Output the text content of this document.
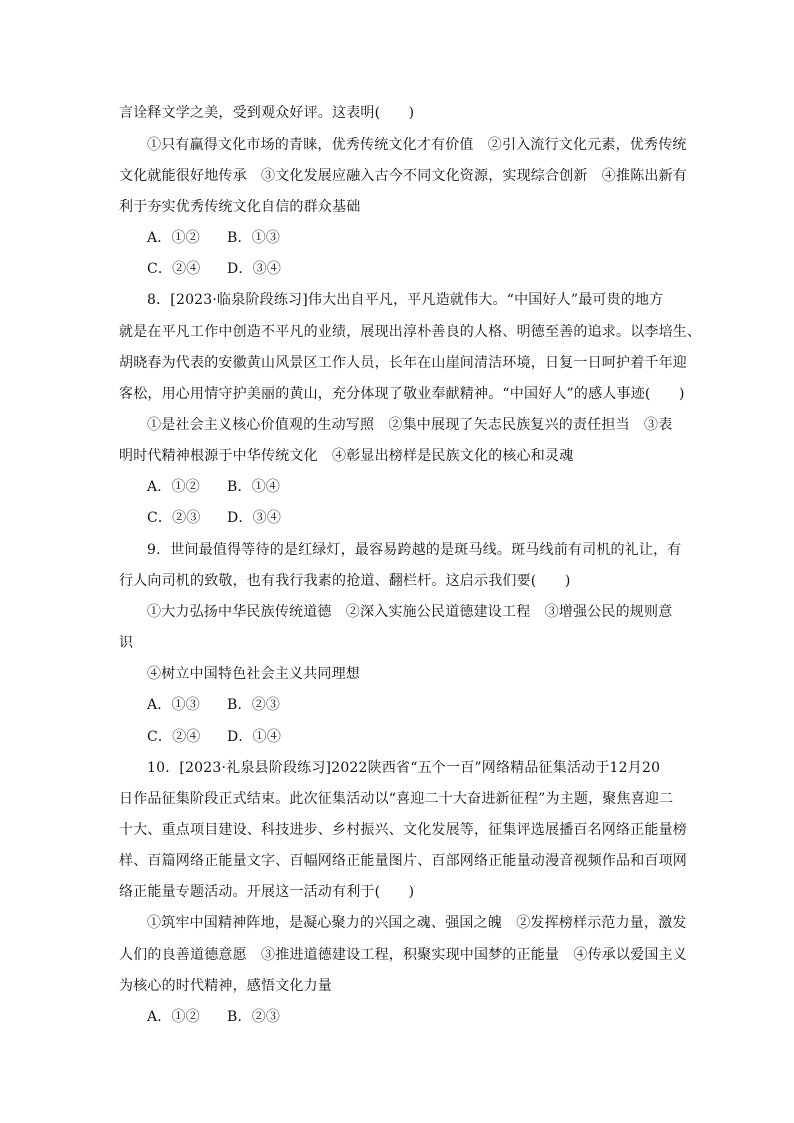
言诠释文学之美，受到观众好评。这表明(　　)
①只有赢得文化市场的青睐，优秀传统文化才有价值　②引入流行文化元素，优秀传统
文化就能很好地传承　③文化发展应融入古今不同文化资源，实现综合创新　④推陈出新有
利于夯实优秀传统文化自信的群众基础
A．①② B．①③
C．②④ D．③④
8．[2023·临泉阶段练习]伟大出自平凡，平凡造就伟大。“中国好人”最可贵的地方
就是在平凡工作中创造不平凡的业绩，展现出淳朴善良的人格、明德至善的追求。以李培生、
胡晓春为代表的安徽黄山风景区工作人员，长年在山崖间清洁环境，日复一日呵护着千年迎
客松，用心用情守护美丽的黄山，充分体现了敬业奉献精神。“中国好人”的感人事迹(　　)
①是社会主义核心价值观的生动写照　②集中展现了矢志民族复兴的责任担当　③表
明时代精神根源于中华传统文化　④彰显出榜样是民族文化的核心和灵魂
A．①② B．①④
C．②③ D．③④
9．世间最值得等待的是红绿灯，最容易跨越的是斑马线。斑马线前有司机的礼让，有
行人向司机的致敬，也有我行我素的抢道、翻栏杆。这启示我们要(　　)
①大力弘扬中华民族传统道德　②深入实施公民道德建设工程　③增强公民的规则意
识
④树立中国特色社会主义共同理想
A．①③ B．②③
C．②④ D．①④
10．[2023·礼泉县阶段练习]2022陕西省“五个一百”网络精品征集活动于12月20
日作品征集阶段正式结束。此次征集活动以“喜迎二十大奋进新征程”为主题，聚焦喜迎二
十大、重点项目建设、科技进步、乡村振兴、文化发展等，征集评选展播百名网络正能量榜
样、百篇网络正能量文字、百幅网络正能量图片、百部网络正能量动漫音视频作品和百项网
络正能量专题活动。开展这一活动有利于(　　)
①筑牢中国精神阵地，是凝心聚力的兴国之魂、强国之魄　②发挥榜样示范力量，激发
人们的良善道德意愿　③推进道德建设工程，积聚实现中国梦的正能量　④传承以爱国主义
为核心的时代精神，感悟文化力量
A．①② B．②③
